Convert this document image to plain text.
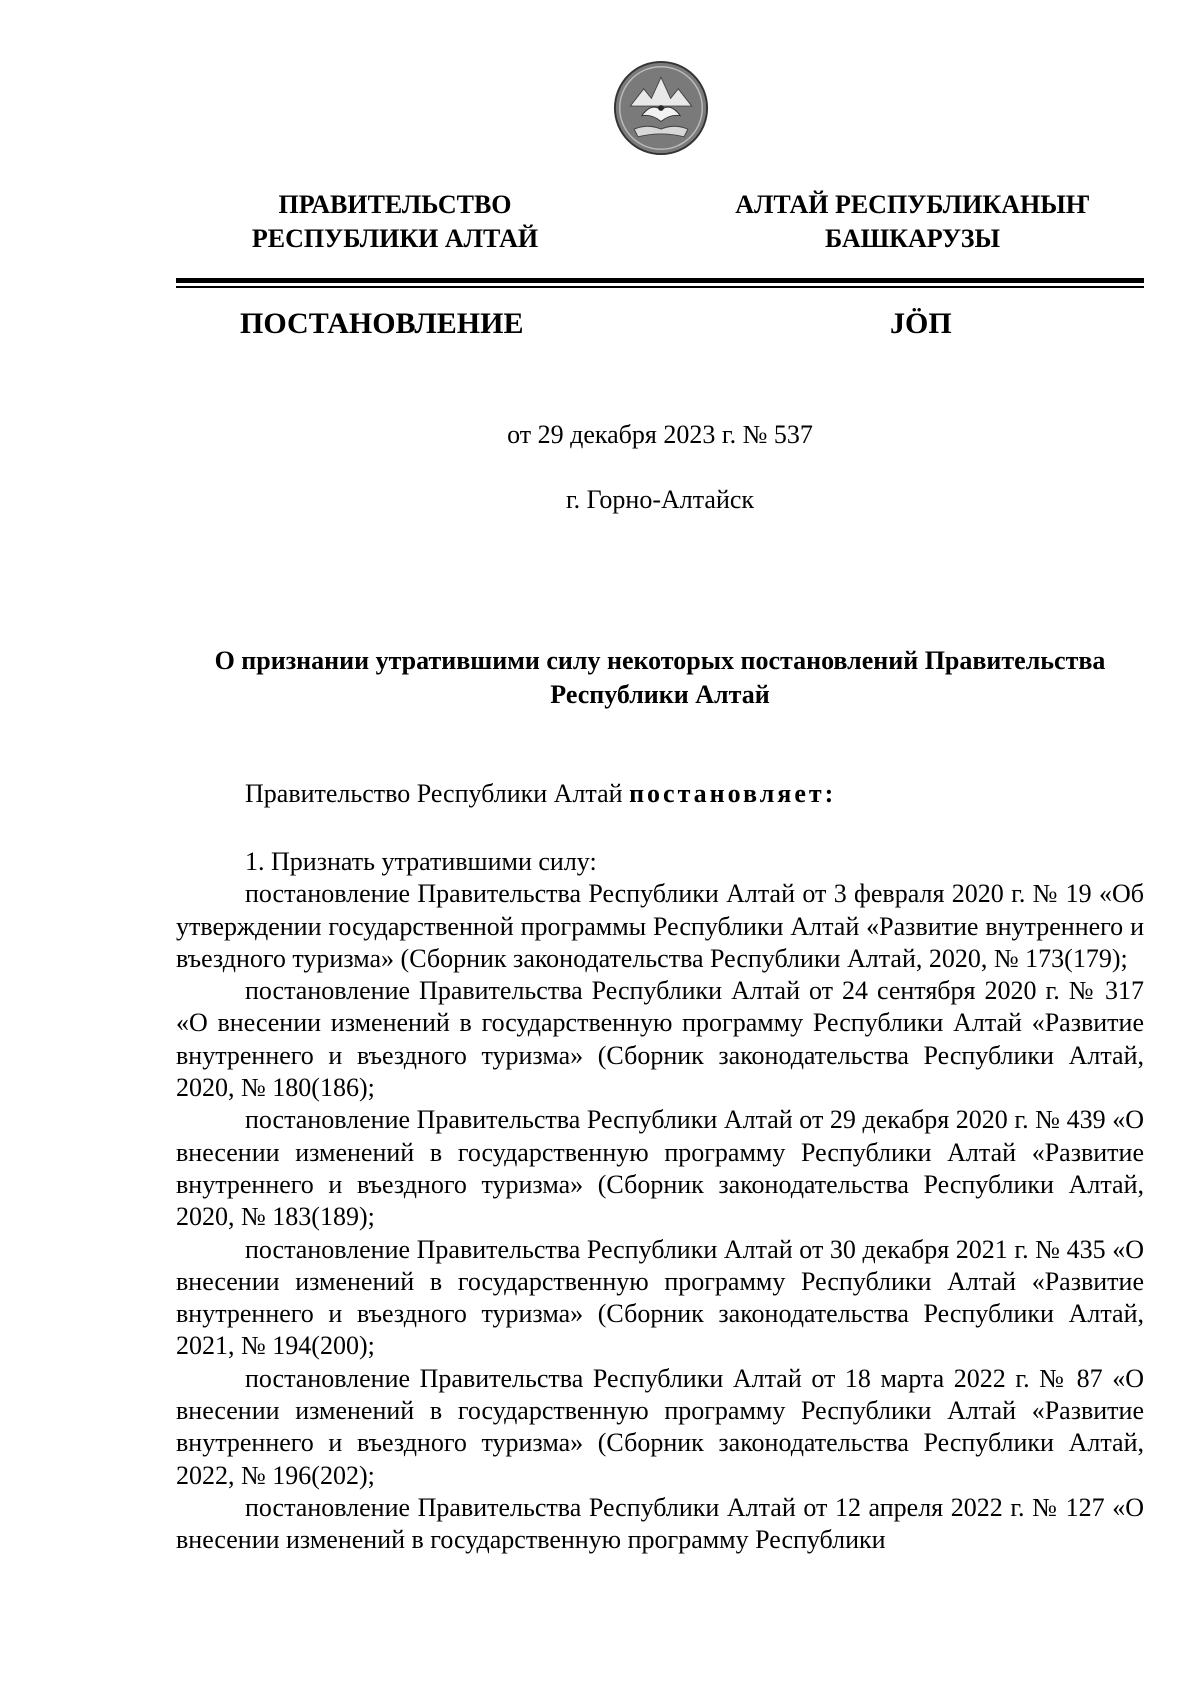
ПРАВИТЕЛЬСТВО
РЕСПУБЛИКИ АЛТАЙ
АЛТАЙ РЕСПУБЛИКАНЫҤ
БАШКАРУЗЫ
ПОСТАНОВЛЕНИЕ	JӦП
от 29 декабря 2023 г. № 537
г. Горно-Алтайск
О признании утратившими силу некоторых постановлений Правительства
Республики Алтай
Правительство Республики Алтай постановляет:

1. Признать утратившими силу:

постановление Правительства Республики Алтай от 3 февраля 2020 г. № 19 «Об утверждении государственной программы Республики Алтай «Развитие внутреннего и въездного туризма» (Сборник законодательства Республики Алтай, 2020, № 173(179);

постановление Правительства Республики Алтай от 24 сентября 2020 г. № 317 «О внесении изменений в государственную программу Республики Алтай «Развитие внутреннего и въездного туризма» (Сборник законодательства Республики Алтай, 2020, № 180(186);

постановление Правительства Республики Алтай от 29 декабря 2020 г. № 439 «О внесении изменений в государственную программу Республики Алтай «Развитие внутреннего и въездного туризма» (Сборник законодательства Республики Алтай, 2020, № 183(189);

постановление Правительства Республики Алтай от 30 декабря 2021 г. № 435 «О внесении изменений в государственную программу Республики Алтай «Развитие внутреннего и въездного туризма» (Сборник законодательства Республики Алтай, 2021, № 194(200);

постановление Правительства Республики Алтай от 18 марта 2022 г. № 87 «О внесении изменений в государственную программу Республики Алтай «Развитие внутреннего и въездного туризма» (Сборник законодательства Республики Алтай, 2022, № 196(202);

постановление Правительства Республики Алтай от 12 апреля 2022 г. № 127 «О внесении изменений в государственную программу Республики
